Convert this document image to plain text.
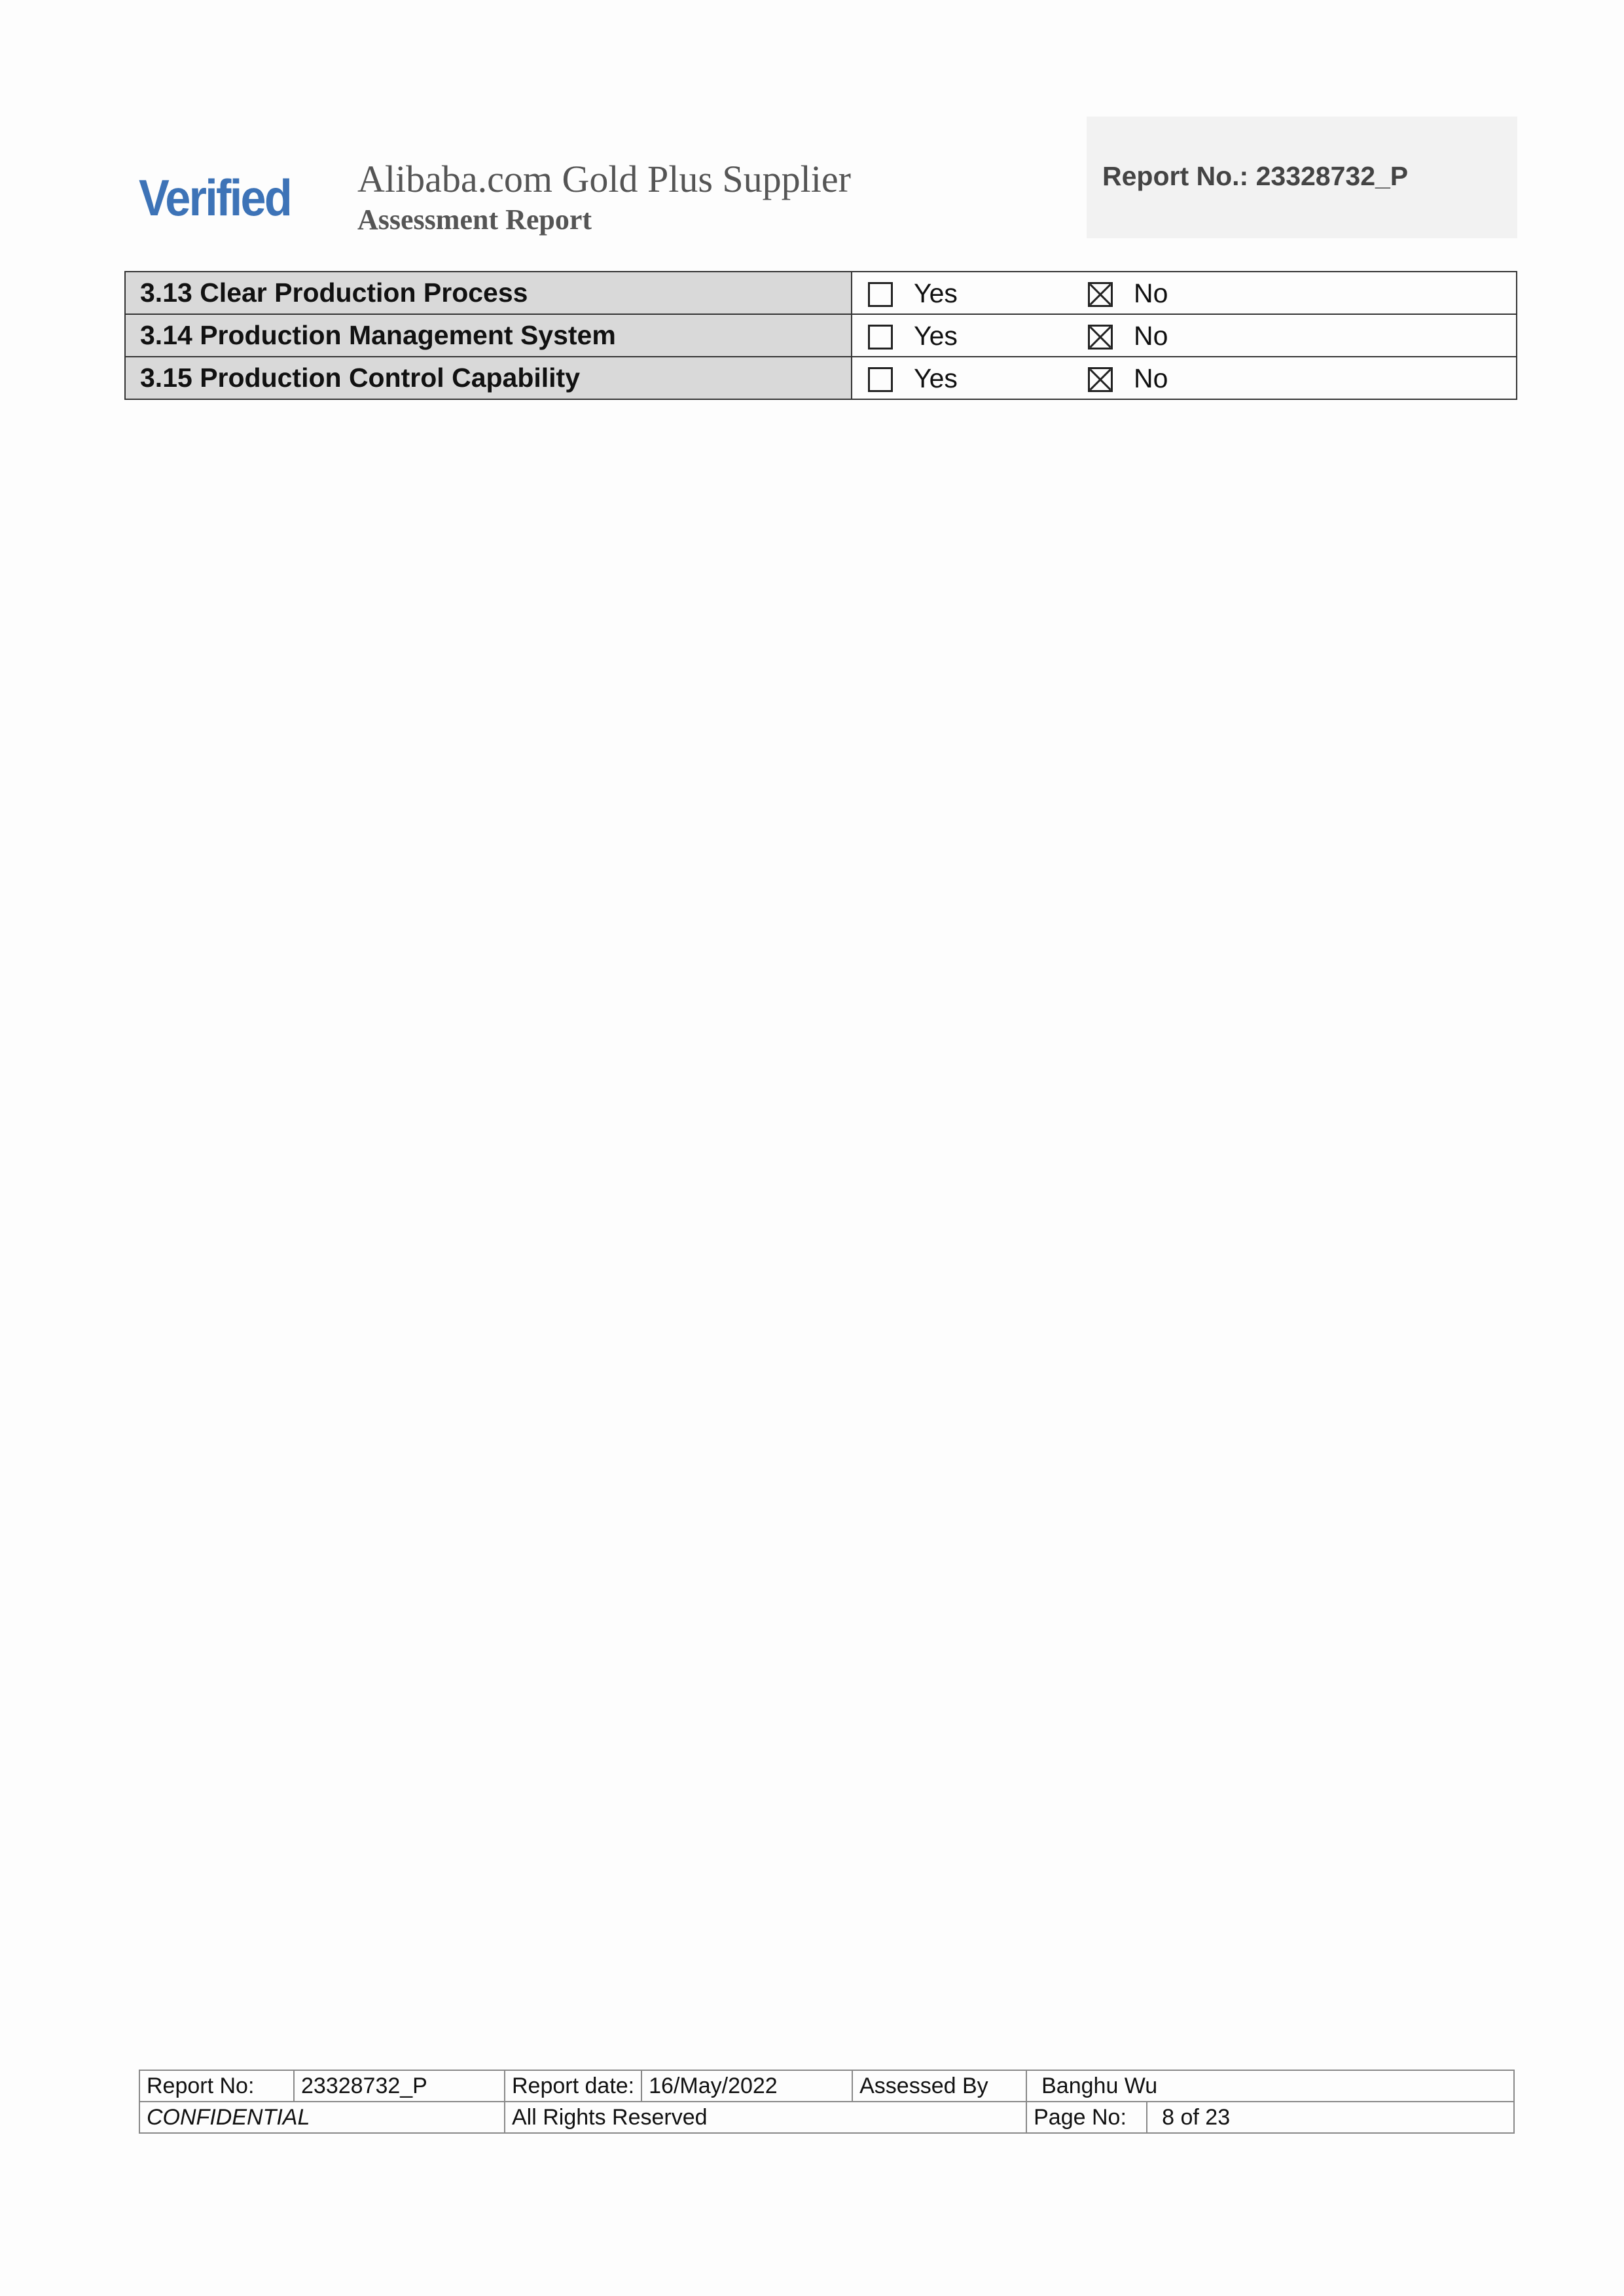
Verified	Alibaba.com Gold Plus Supplier
Assessment Report
Report No.: 23328732_P
3.13 Clear Production Process	Yes No

3.14 Production Management System	Yes No

3.15 Production Control Capability	Yes No
Report No:	23328732_P	Report date:	16/May/2022	Assessed By	Banghu Wu	
CONFIDENTIAL		All Rights Reserved			Page No:	8 of 23
